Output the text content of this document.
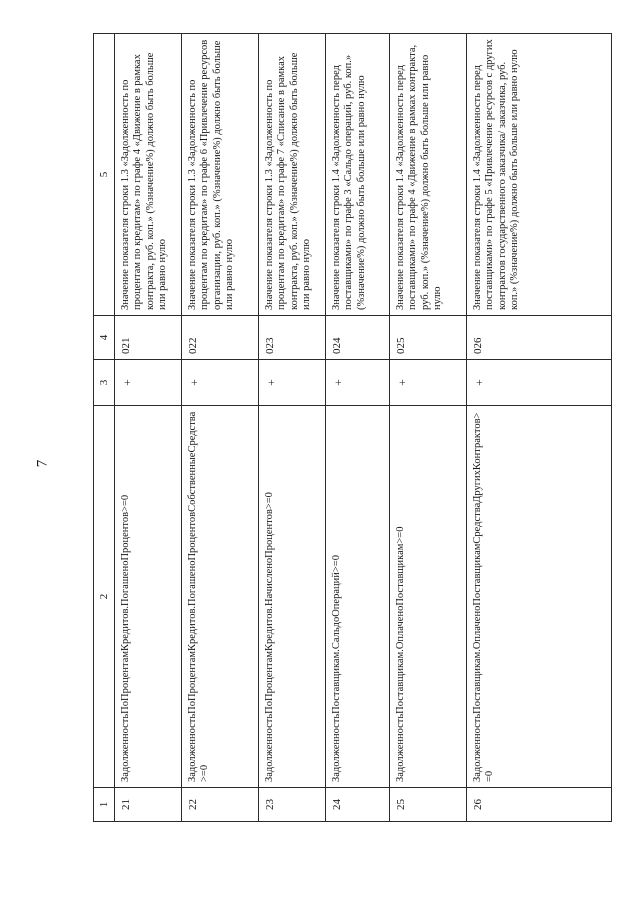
7
1	2	3	4	5
21	ЗадолженностьПоПроцентамКредитов.ПогашеноПроцентов>=0	+	021	Значение показателя строки 1.3 «Задолженность по процентам по кредитам» по графе 4 «Движение в рамках контракта, руб. коп.» (%значение%) должно быть больше или равно нулю
22	ЗадолженностьПоПроцентамКредитов.ПогашеноПроцентовСобственныеСредства>=0	+	022	Значение показателя строки 1.3 «Задолженность по процентам по кредитам» по графе 6 «Привлечение ресурсов организации, руб. коп.» (%значение%) должно быть больше или равно нулю
23	ЗадолженностьПоПроцентамКредитов.НачисленоПроцентов>=0	+	023	Значение показателя строки 1.3 «Задолженность по процентам по кредитам» по графе 7 «Списание в рамках контракта, руб. коп.» (%значение%) должно быть больше или равно нулю
24	ЗадолженностьПоставщикам.СальдоОпераций>=0	+	024	Значение показателя строки 1.4 «Задолженность перед поставщиками» по графе 3 «Сальдо операций, руб. коп.» (%значение%) должно быть больше или равно нулю
25	ЗадолженностьПоставщикам.ОплаченоПоставщикам>=0	+	025	Значение показателя строки 1.4 «Задолженность перед поставщиками» по графе 4 «Движение в рамках контракта, руб. коп.» (%значение%) должно быть больше или равно нулю
26	ЗадолженностьПоставщикам.ОплаченоПоставщикамСредстваДругихКонтрактов>=0	+	026	Значение показателя строки 1.4 «Задолженность перед поставщиками» по графе 5 «Привлечение ресурсов с других контрактов государственного заказчика/ заказчика, руб. коп.» (%значение%) должно быть больше или равно нулю
